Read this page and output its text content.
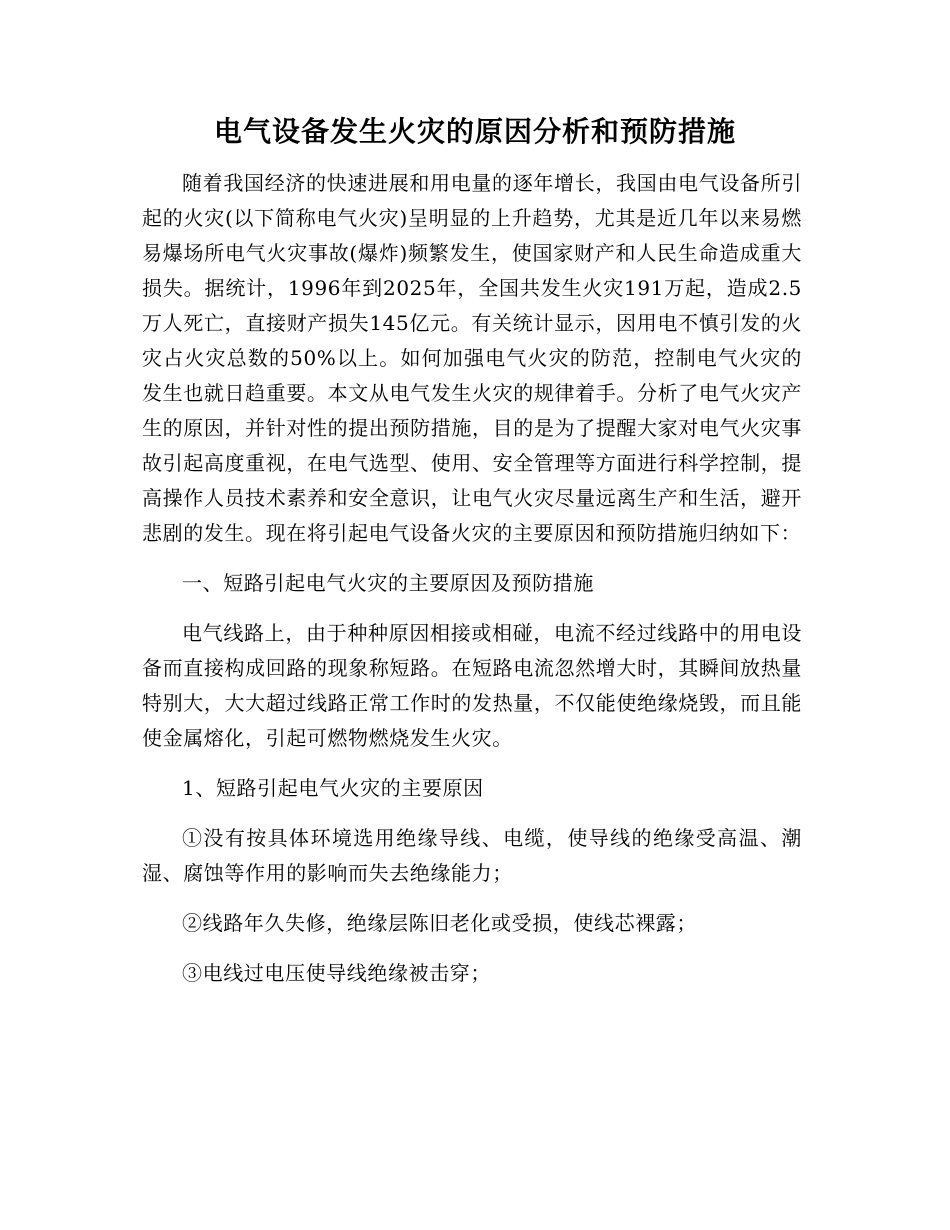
电气设备发生火灾的原因分析和预防措施

随着我国经济的快速进展和用电量的逐年增长，我国由电气设备所引起的火灾(以下简称电气火灾)呈明显的上升趋势，尤其是近几年以来易燃易爆场所电气火灾事故(爆炸)频繁发生，使国家财产和人民生命造成重大损失。据统计，1996年到2025年，全国共发生火灾191万起，造成2.5万人死亡，直接财产损失145亿元。有关统计显示，因用电不慎引发的火灾占火灾总数的50%以上。如何加强电气火灾的防范，控制电气火灾的发生也就日趋重要。本文从电气发生火灾的规律着手。分析了电气火灾产生的原因，并针对性的提出预防措施，目的是为了提醒大家对电气火灾事故引起高度重视，在电气选型、使用、安全管理等方面进行科学控制，提高操作人员技术素养和安全意识，让电气火灾尽量远离生产和生活，避开悲剧的发生。现在将引起电气设备火灾的主要原因和预防措施归纳如下：

一、短路引起电气火灾的主要原因及预防措施

电气线路上，由于种种原因相接或相碰，电流不经过线路中的用电设备而直接构成回路的现象称短路。在短路电流忽然增大时，其瞬间放热量特别大，大大超过线路正常工作时的发热量，不仅能使绝缘烧毁，而且能使金属熔化，引起可燃物燃烧发生火灾。

1、短路引起电气火灾的主要原因

①没有按具体环境选用绝缘导线、电缆，使导线的绝缘受高温、潮湿、腐蚀等作用的影响而失去绝缘能力；

②线路年久失修，绝缘层陈旧老化或受损，使线芯裸露；

③电线过电压使导线绝缘被击穿；
